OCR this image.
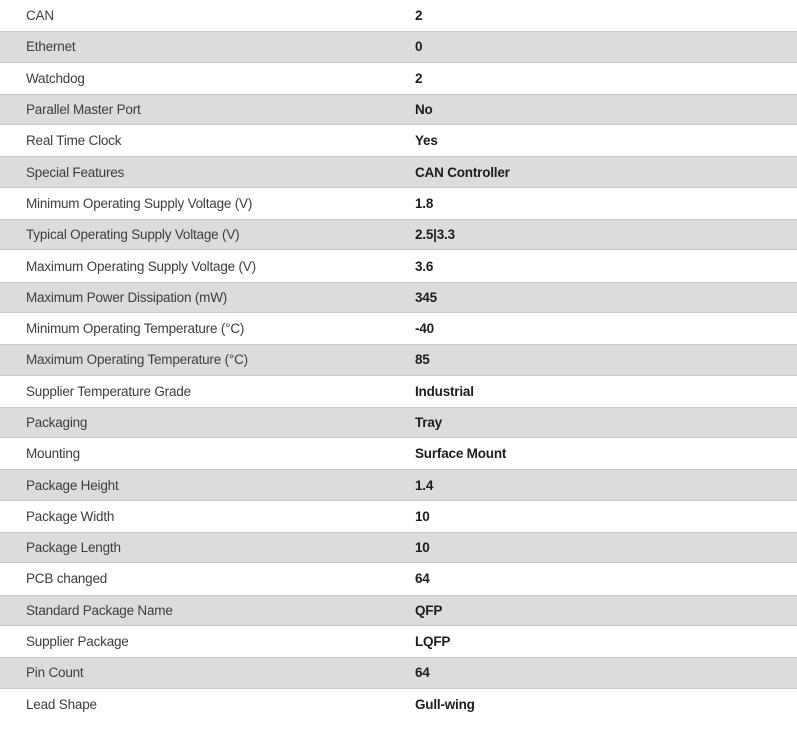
CAN	2
Ethernet	0
Watchdog	2
Parallel Master Port	No
Real Time Clock	Yes
Special Features	CAN Controller
Minimum Operating Supply Voltage (V)	1.8
Typical Operating Supply Voltage (V)	2.5|3.3
Maximum Operating Supply Voltage (V)	3.6
Maximum Power Dissipation (mW)	345
Minimum Operating Temperature (°C)	-40
Maximum Operating Temperature (°C)	85
Supplier Temperature Grade	Industrial
Packaging	Tray
Mounting	Surface Mount
Package Height	1.4
Package Width	10
Package Length	10
PCB changed	64
Standard Package Name	QFP
Supplier Package	LQFP
Pin Count	64
Lead Shape	Gull-wing
